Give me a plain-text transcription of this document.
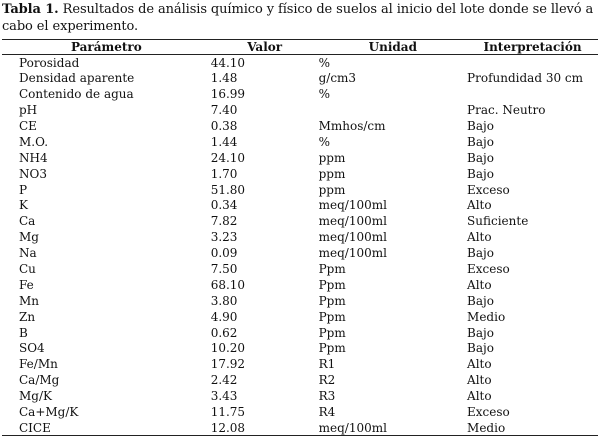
Tabla 1. Resultados de análisis químico y físico de suelos al inicio del lote donde se llevó a cabo el experimento.
Parámetro	Valor	Unidad	Interpretación
Porosidad	44.10	%	
Densidad aparente	1.48	g/cm3	Profundidad 30 cm
Contenido de agua	16.99	%	
pH	7.40		Prac. Neutro
CE	0.38	Mmhos/cm	Bajo
M.O.	1.44	%	Bajo
NH4	24.10	ppm	Bajo
NO3	1.70	ppm	Bajo
P	51.80	ppm	Exceso
K	0.34	meq/100ml	Alto
Ca	7.82	meq/100ml	Suficiente
Mg	3.23	meq/100ml	Alto
Na	0.09	meq/100ml	Bajo
Cu	7.50	Ppm	Exceso
Fe	68.10	Ppm	Alto
Mn	3.80	Ppm	Bajo
Zn	4.90	Ppm	Medio
B	0.62	Ppm	Bajo
SO4	10.20	Ppm	Bajo
Fe/Mn	17.92	R1	Alto
Ca/Mg	2.42	R2	Alto
Mg/K	3.43	R3	Alto
Ca+Mg/K	11.75	R4	Exceso
CICE	12.08	meq/100ml	Medio
